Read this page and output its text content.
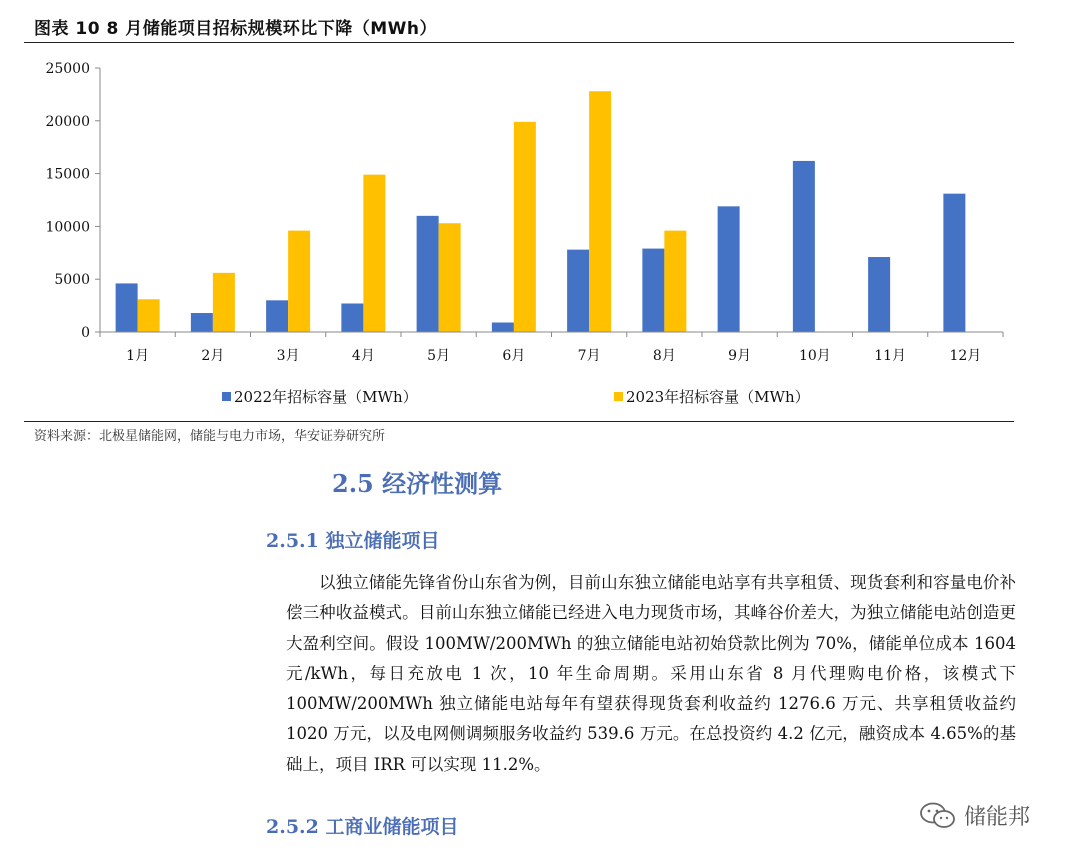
图表 10 8 月储能项目招标规模环比下降（MWh）
0
5000
10000
15000
20000
25000
1月	2月	3月	4月	5月	6月	7月	8月	9月	10月	11月	12月
2022年招标容量（MWh）	2023年招标容量（MWh）
资料来源：北极星储能网，储能与电力市场，华安证券研究所
2.5 经济性测算
2.5.1 独立储能项目

以独立储能先锋省份山东省为例，目前山东独立储能电站享有共享租赁、现货套利和容量电价补偿三种收益模式。目前山东独立储能已经进入电力现货市场，其峰谷价差大，为独立储能电站创造更大盈利空间。假设 100MW/200MWh 的独立储能电站初始贷款比例为 70%，储能单位成本 1604 元/kWh，每日充放电 1 次，10 年生命周期。采用山东省 8 月代理购电价格，该模式下 100MW/200MWh 独立储能电站每年有望获得现货套利收益约 1276.6 万元、共享租赁收益约 1020 万元，以及电网侧调频服务收益约 539.6 万元。在总投资约 4.2 亿元，融资成本 4.65%的基础上，项目 IRR 可以实现 11.2%。

2.5.2 工商业储能项目	储能邦
